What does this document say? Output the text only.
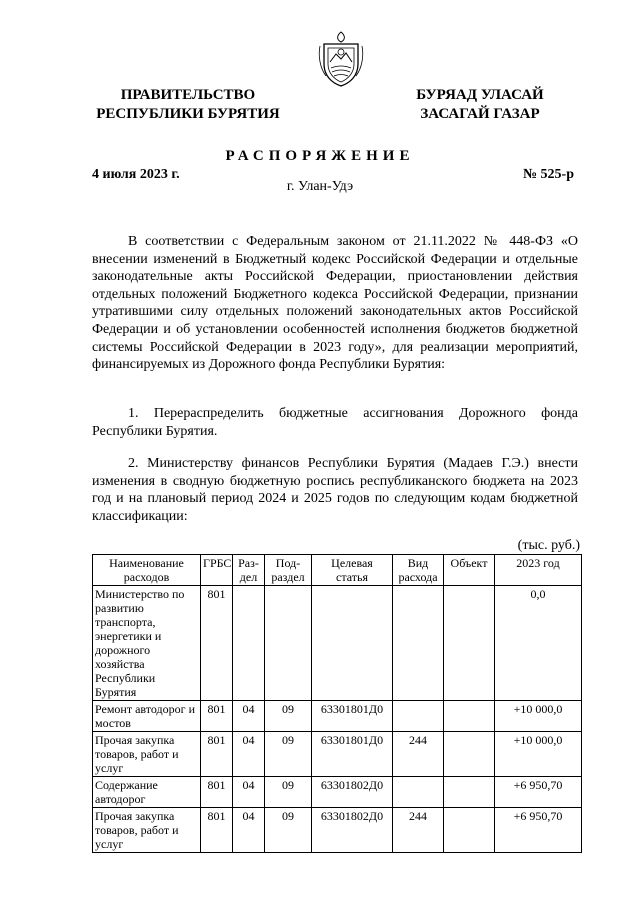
ПРАВИТЕЛЬСТВО
РЕСПУБЛИКИ БУРЯТИЯ
БУРЯАД УЛАСАЙ
ЗАСАГАЙ ГАЗАР
РАСПОРЯЖЕНИЕ
4 июля 2023 г.	№ 525-р
г. Улан-Удэ
В соответствии с Федеральным законом от 21.11.2022 № 448-ФЗ «О внесении изменений в Бюджетный кодекс Российской Федерации и отдельные законодательные акты Российской Федерации, приостановлении действия отдельных положений Бюджетного кодекса Российской Федерации, признании утратившими силу отдельных положений законодательных актов Российской Федерации и об установлении особенностей исполнения бюджетов бюджетной системы Российской Федерации в 2023 году», для реализации мероприятий, финансируемых из Дорожного фонда Республики Бурятия:
1. Перераспределить бюджетные ассигнования Дорожного фонда Республики Бурятия.
2. Министерству финансов Республики Бурятия (Мадаев Г.Э.) внести изменения в сводную бюджетную роспись республиканского бюджета на 2023 год и на плановый период 2024 и 2025 годов по следующим кодам бюджетной классификации:
(тыс. руб.)
Наименование расходов	ГРБС	Раз-дел	Под-раздел	Целевая статья	Вид расхода	Объект	2023 год
Министерство по развитию транспорта, энергетики и дорожного хозяйства Республики Бурятия	801						0,0
Ремонт автодорог и мостов	801	04	09	63301801Д0			+10 000,0
Прочая закупка товаров, работ и услуг	801	04	09	63301801Д0	244		+10 000,0
Содержание автодорог	801	04	09	63301802Д0			+6 950,70
Прочая закупка товаров, работ и услуг	801	04	09	63301802Д0	244		+6 950,70
